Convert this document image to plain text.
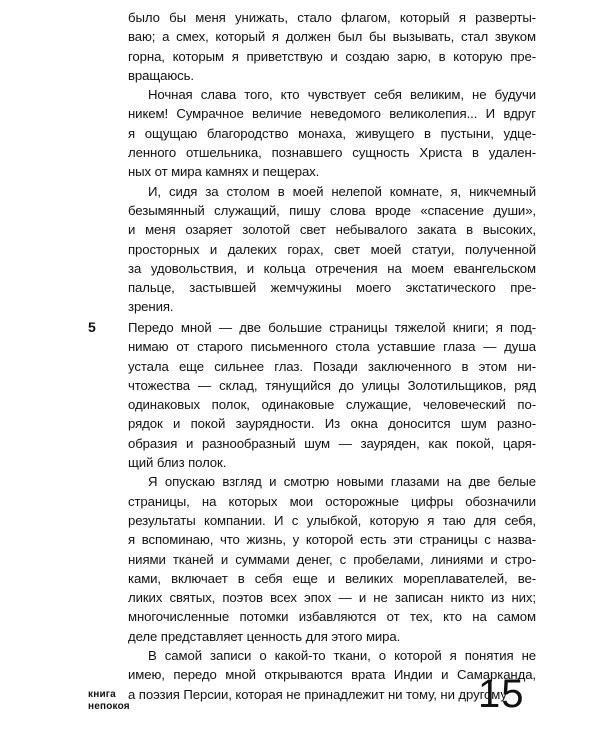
было бы меня унижать, стало флагом, который я разверты-
ваю; а смех, который я должен был бы вызывать, стал звуком
горна, которым я приветствую и создаю зарю, в которую пре-
вращаюсь.

Ночная слава того, кто чувствует себя великим, не будучи
никем! Сумрачное величие неведомого великолепия... И вдруг
я ощущаю благородство монаха, живущего в пустыни, удце-
ленного отшельника, познавшего сущность Христа в удален-
ных от мира камнях и пещерах.

И, сидя за столом в моей нелепой комнате, я, никчемный
безымянный служащий, пишу слова вроде «спасение души»,
и меня озаряет золотой свет небывалого заката в высоких,
просторных и далеких горах, свет моей статуи, полученной
за удовольствия, и кольца отречения на моем евангельском
пальце, застывшей жемчужины моего экстатического пре-
зрения.

5 Передо мной — две большие страницы тяжелой книги; я под-
нимаю от старого письменного стола уставшие глаза — душа
устала еще сильнее глаз. Позади заключенного в этом ни-
чтожества — склад, тянущийся до улицы Золотильщиков, ряд
одинаковых полок, одинаковые служащие, человеческий по-
рядок и покой заурядности. Из окна доносится шум разно-
образия и разнообразный шум — зауряден, как покой, царя-
щий близ полок.

Я опускаю взгляд и смотрю новыми глазами на две белые
страницы, на которых мои осторожные цифры обозначили
результаты компании. И с улыбкой, которую я таю для себя,
я вспоминаю, что жизнь, у которой есть эти страницы с назва-
ниями тканей и суммами денег, с пробелами, линиями и стро-
ками, включает в себя еще и великих мореплавателей, ве-
ликих святых, поэтов всех эпох — и не записан никто из них;
многочисленные потомки избавляются от тех, кто на самом
деле представляет ценность для этого мира.

В самой записи о какой-то ткани, о которой я понятия не
имею, передо мной открываются врата Индии и Самарканда,
а поэзия Персии, которая не принадлежит ни тому, ни другому

книга
непокоя	15
